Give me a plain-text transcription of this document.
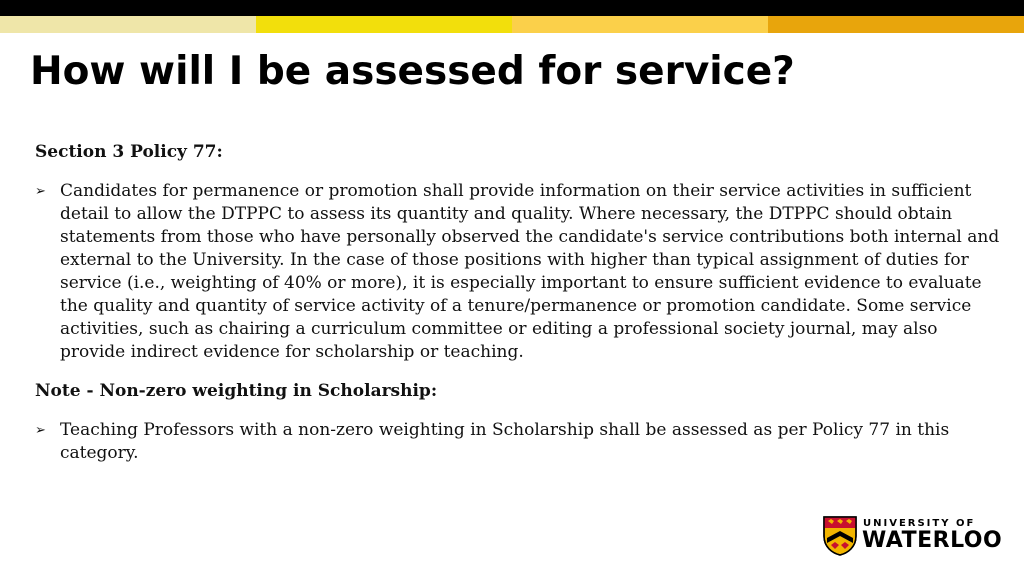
How will I be assessed for service?

Section 3 Policy 77:

➢ Candidates for permanence or promotion shall provide information on their service activities in sufficient detail to allow the DTPPC to assess its quantity and quality. Where necessary, the DTPPC should obtain statements from those who have personally observed the candidate's service contributions both internal and external to the University. In the case of those positions with higher than typical assignment of duties for service (i.e., weighting of 40% or more), it is especially important to ensure sufficient evidence to evaluate the quality and quantity of service activity of a tenure/permanence or promotion candidate. Some service activities, such as chairing a curriculum committee or editing a professional society journal, may also provide indirect evidence for scholarship or teaching.

Note - Non-zero weighting in Scholarship:

➢ Teaching Professors with a non-zero weighting in Scholarship shall be assessed as per Policy 77 in this category.
UNIVERSITY OF
WATERLOO
